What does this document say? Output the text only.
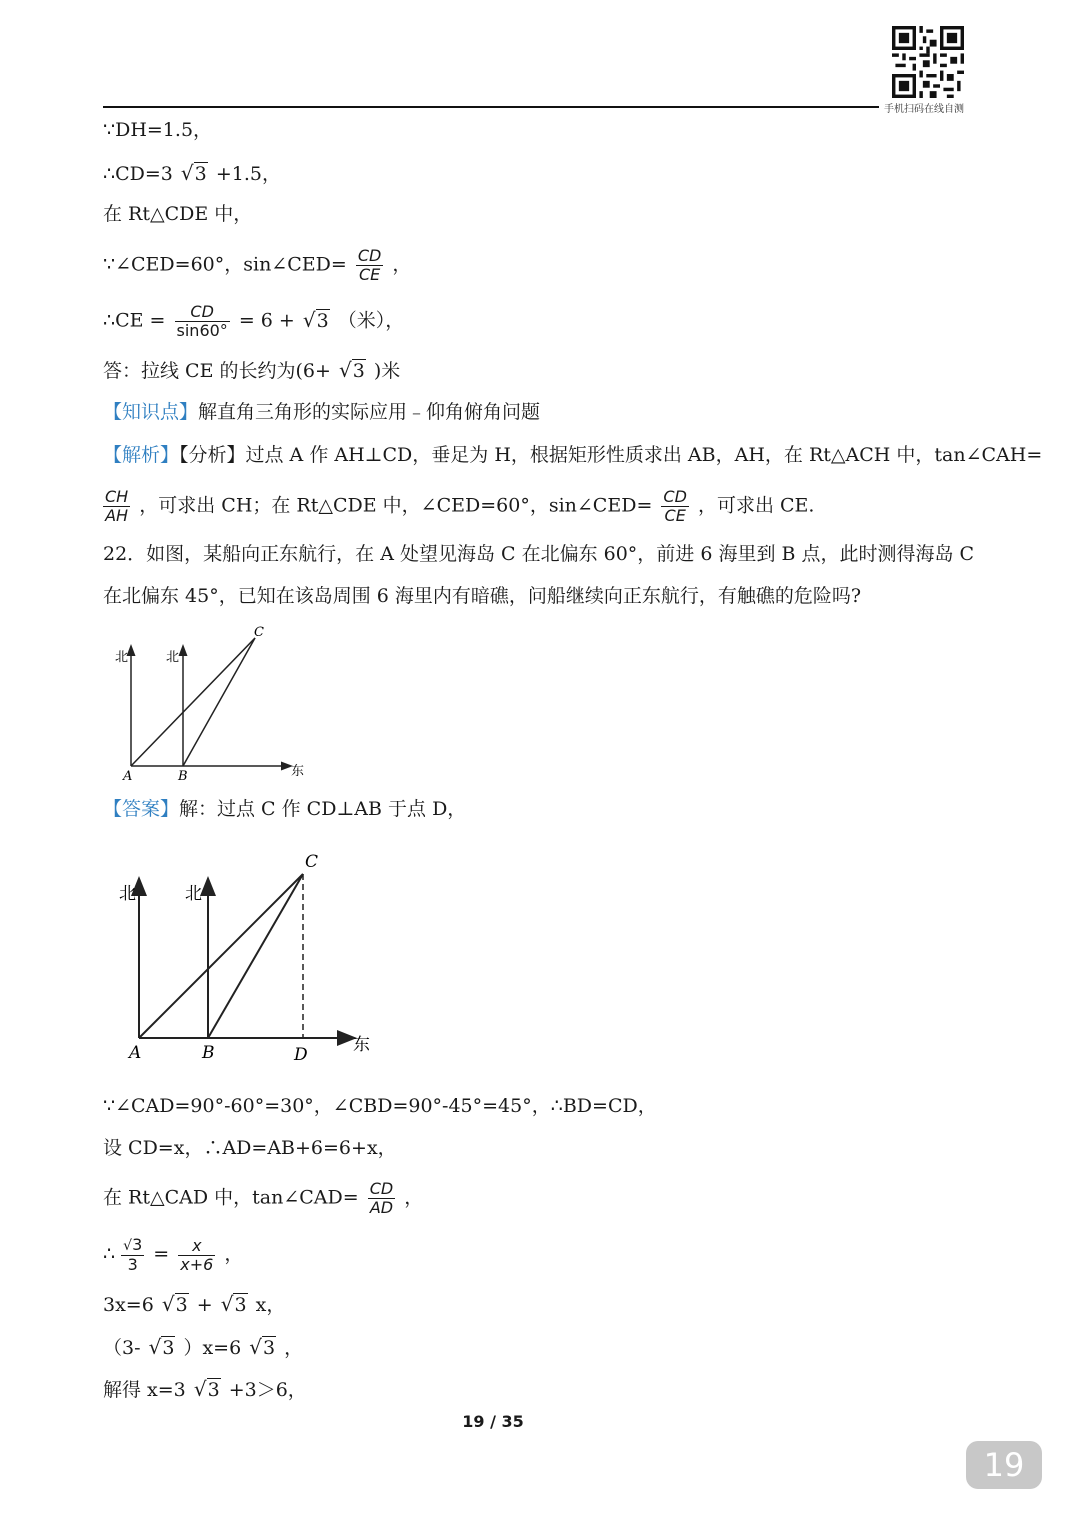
手机扫码在线自测
∵DH=1.5，
∴CD=3 √3 +1.5，
在 Rt△CDE 中，
∵∠CED=60°，sin∠CED= $\frac{CD}{CE}$ ，
∴CE = $\frac{CD}{\sin 60^\circ} = 6 + √3$ （米），
答：拉线 CE 的长约为(6+ √3 )米
【知识点】解直角三角形的实际应用﹣仰角俯角问题
【解析】【分析】过点 A 作 AH⊥CD，垂足为 H，根据矩形性质求出 AB，AH，在 Rt△ACH 中，tan∠CAH=
$\frac{CH}{AH}$ ，可求出 CH；在 Rt△CDE 中，∠CED=60°，sin∠CED= $\frac{CD}{CE}$ ，可求出 CE.
22．如图，某船向正东航行，在 A 处望见海岛 C 在北偏东 60°，前进 6 海里到 B 点，此时测得海岛 C
在北偏东 45°，已知在该岛周围 6 海里内有暗礁，问船继续向正东航行，有触礁的危险吗?
北	北
东
A	B
C
【答案】解：过点 C 作 CD⊥AB 于点 D，
北	北
东
A	B	D
C
∵∠CAD=90°-60°=30°，∠CBD=90°-45°=45°，∴BD=CD，
设 CD=x，∴AD=AB+6=6+x，
在 Rt△CAD 中，tan∠CAD= $\frac{CD}{AD}$ ，
∴ $\frac{√3}{3} = \frac{x}{x+6}$ ，
3x=6 √3 + √3 x，
（3- √3 ）x=6 √3 ，
解得 x=3 √3 +3＞6，
19 / 35
19
